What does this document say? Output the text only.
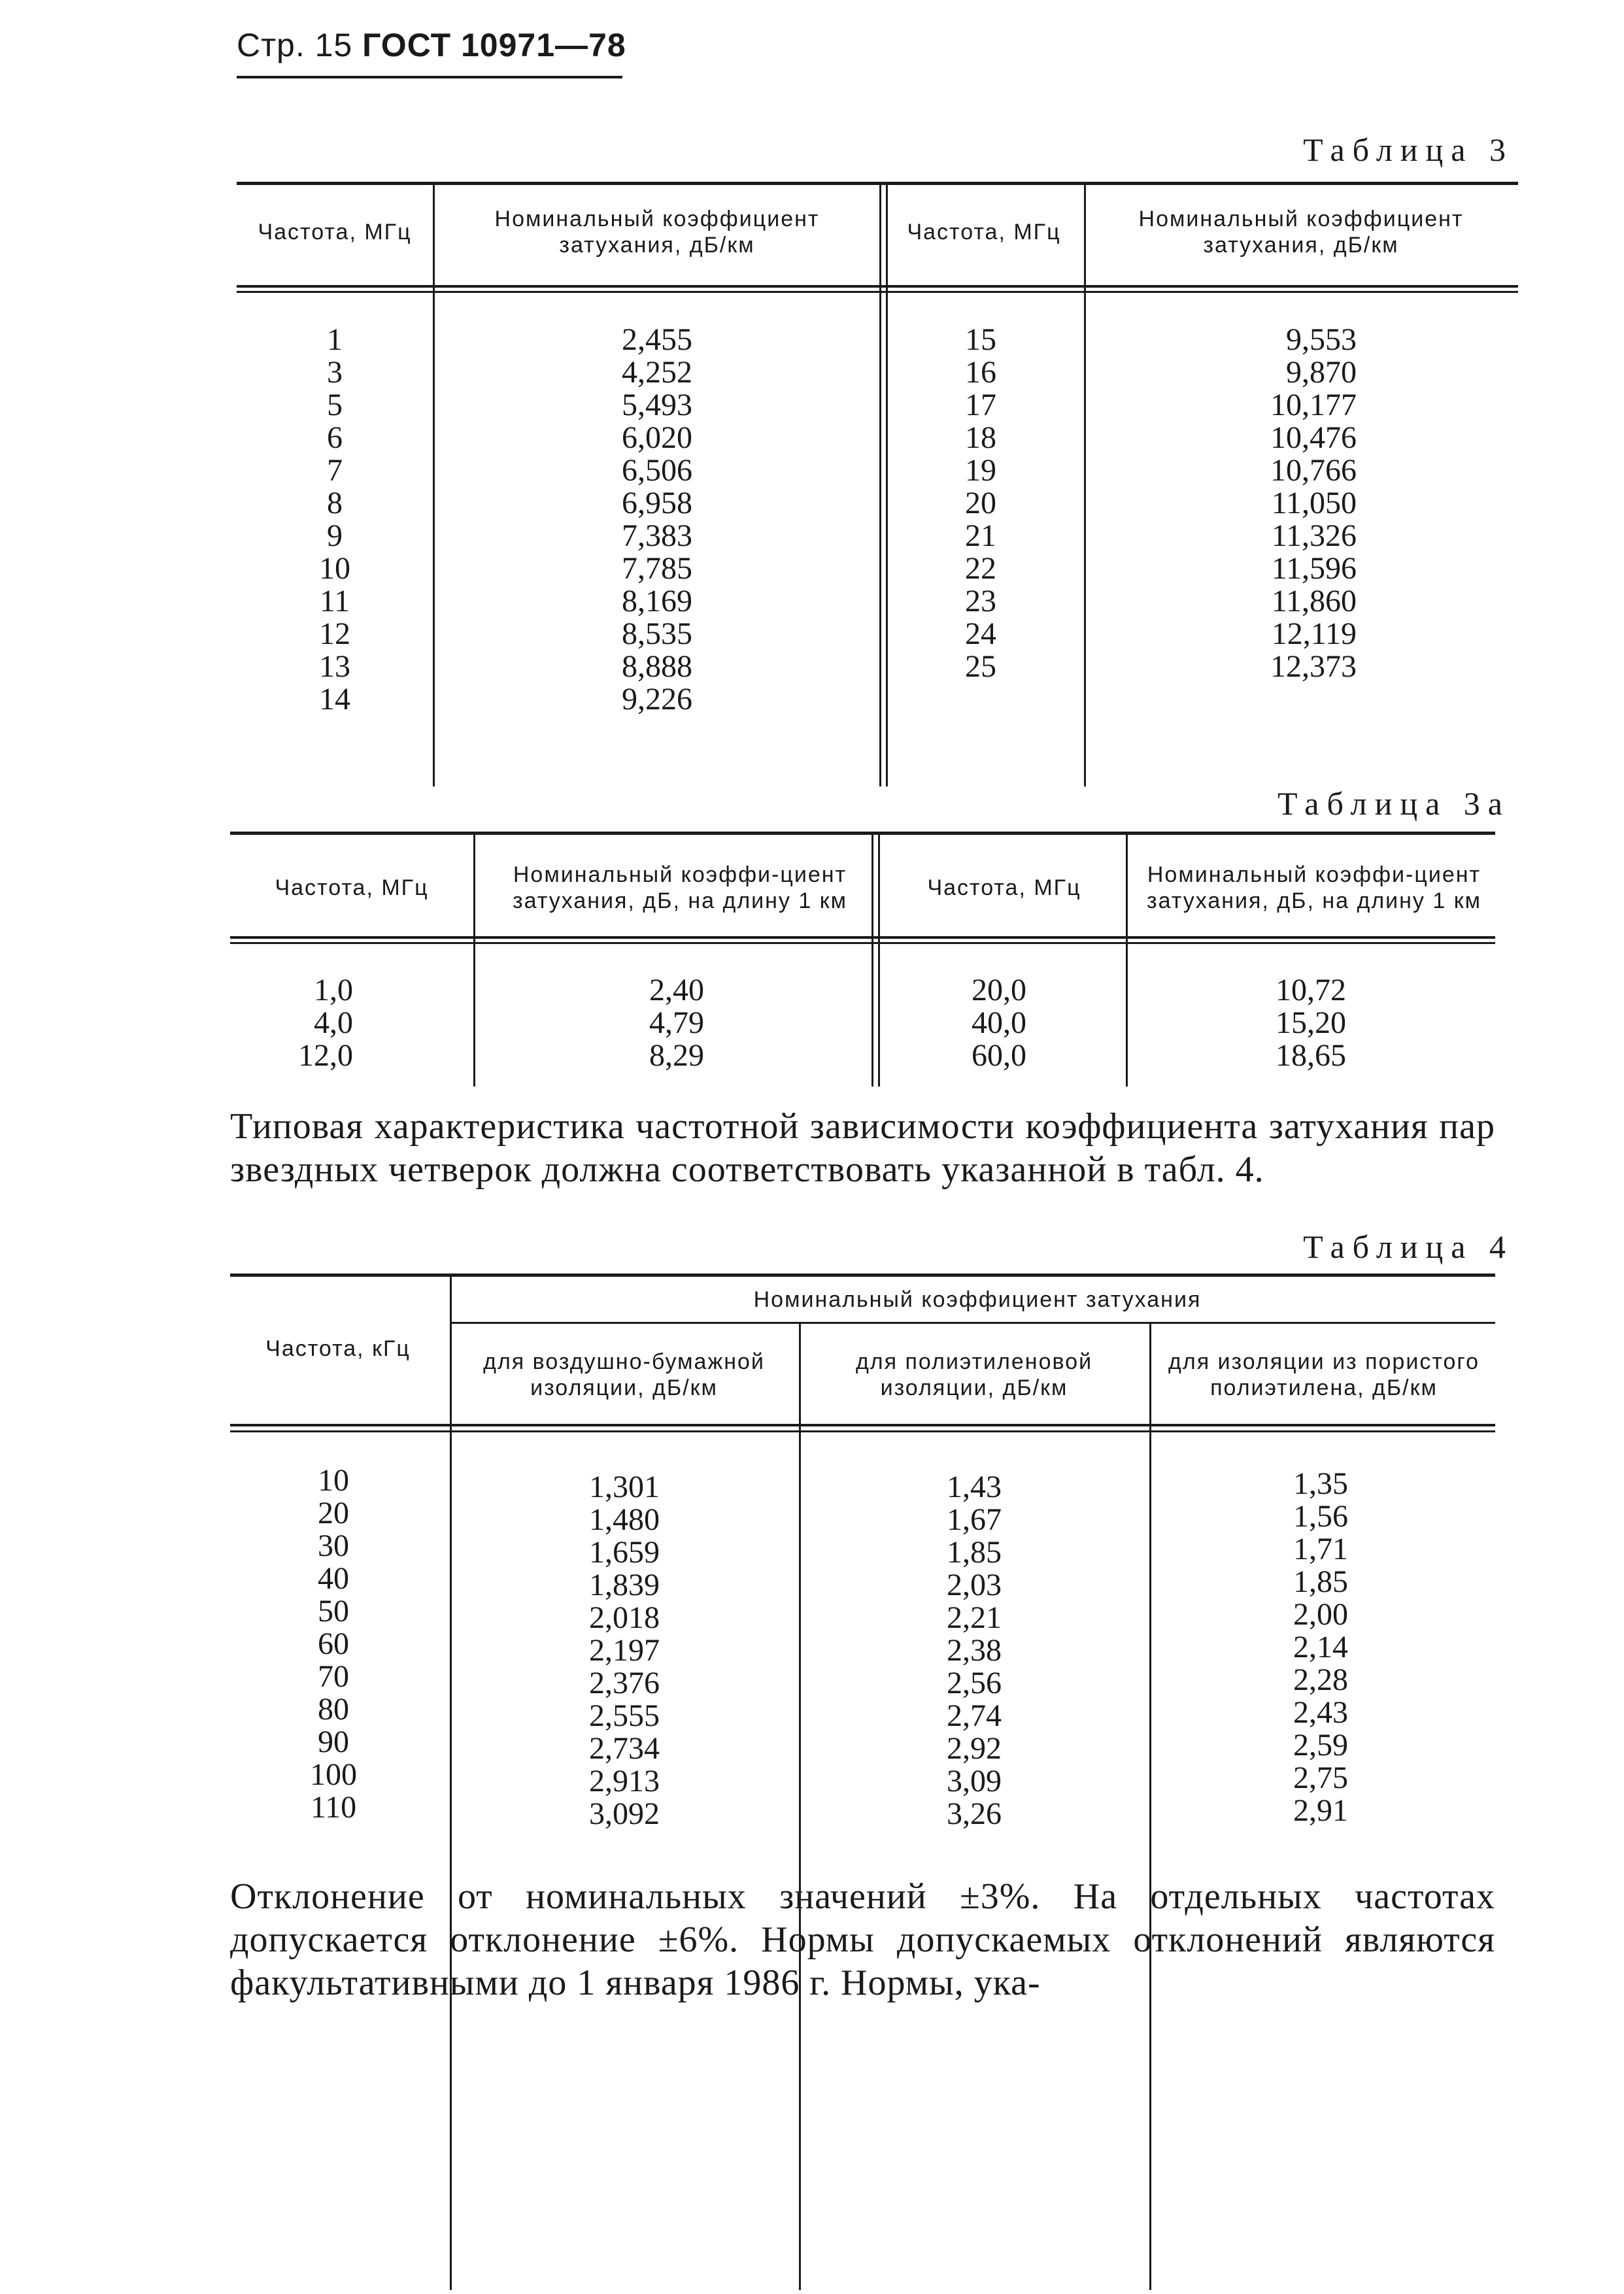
Стр. 15 ГОСТ 10971—78
Таблица 3
Частота, МГц
Номинальный коэффициент затухания, дБ/км
Частота, МГц
Номинальный коэффициент затухания, дБ/км
1
3
5
6
7
8
9
10
11
12
13
14
2,455
4,252
5,493
6,020
6,506
6,958
7,383
7,785
8,169
8,535
8,888
9,226
15
16
17
18
19
20
21
22
23
24
25
9,553
9,870
10,177
10,476
10,766
11,050
11,326
11,596
11,860
12,119
12,373
Таблица 3а
Частота, МГц
Номинальный коэффи-циент затухания, дБ, на длину 1 км
Частота, МГц
Номинальный коэффи-циент затухания, дБ, на длину 1 км
1,0
4,0
12,0
2,40
4,79
8,29
20,0
40,0
60,0
10,72
15,20
18,65
Типовая характеристика частотной зависимости коэффициента затухания пар звездных четверок должна соответствовать указанной в табл. 4.
Таблица 4
Частота, кГц
Номинальный коэффициент затухания
для воздушно-бумажной изоляции, дБ/км
для полиэтиленовой изоляции, дБ/км
для изоляции из пористого полиэтилена, дБ/км
10
20
30
40
50
60
70
80
90
100
110
1,301
1,480
1,659
1,839
2,018
2,197
2,376
2,555
2,734
2,913
3,092
1,43
1,67
1,85
2,03
2,21
2,38
2,56
2,74
2,92
3,09
3,26
1,35
1,56
1,71
1,85
2,00
2,14
2,28
2,43
2,59
2,75
2,91
Отклонение от номинальных значений ±3%. На отдельных частотах допускается отклонение ±6%. Нормы допускаемых отклонений являются факультативными до 1 января 1986 г. Нормы, ука-
